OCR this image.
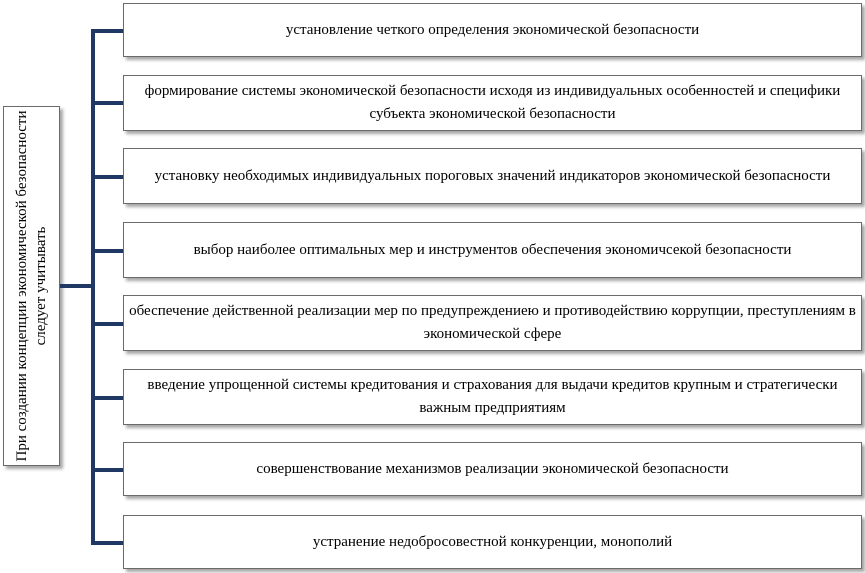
При создании концепции экономической безопасности следует учитывать
установление четкого определения экономической безопасности
формирование системы экономической безопасности исходя из индивидуальных особенностей и специфики субъекта экономической безопасности
установку необходимых индивидуальных пороговых значений индикаторов экономической безопасности
выбор наиболее оптимальных мер и инструментов обеспечения экономичсекой безопасности
обеспечение действенной реализации мер по предупреждениею и противодействию коррупции, преступлениям в экономической сфере
введение упрощенной системы кредитования и страхования для выдачи кредитов крупным и стратегически важным предприятиям
совершенствование механизмов реализации экономической безопасности
устранение недобросовестной конкуренции, монополий
